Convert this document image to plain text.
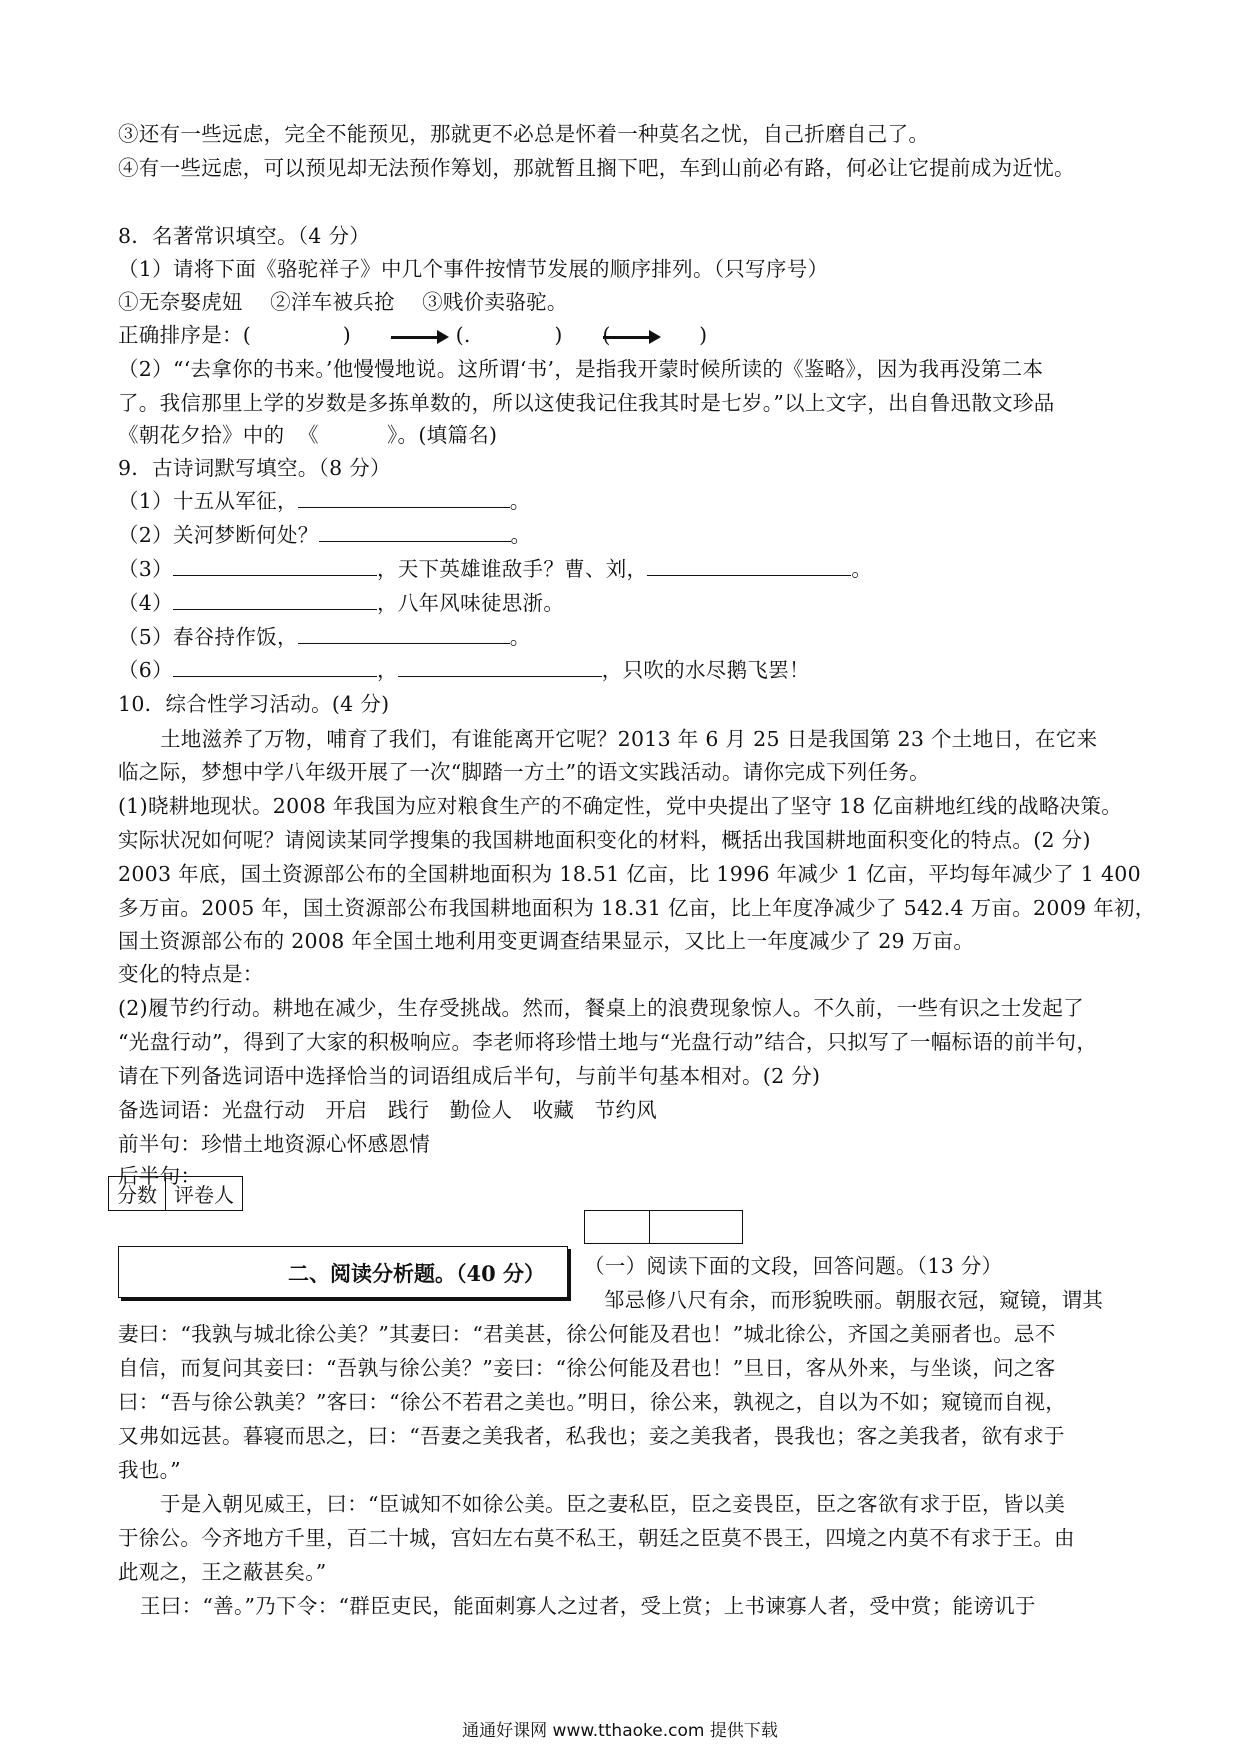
③还有一些远虑，完全不能预见，那就更不必总是怀着一种莫名之忧，自己折磨自己了。
④有一些远虑，可以预见却无法预作筹划，那就暂且搁下吧，车到山前必有路，何必让它提前成为近忧。
8．名著常识填空。（4 分）
（1）请将下面《骆驼祥子》中几个事件按情节发展的顺序排列。（只写序号）
①无奈娶虎妞    ②洋车被兵抢    ③贱价卖骆驼。
正确排序是：(	)	(.	) (	)
（2）“‘去拿你的书来。’他慢慢地说。这所谓‘书’，是指我开蒙时候所读的《鉴略》，因为我再没第二本
了。我信那里上学的岁数是多拣单数的，所以这使我记住我其时是七岁。”以上文字，出自鲁迅散文珍品
《朝花夕拾》中的  《          》。(填篇名)
9．古诗词默写填空。（8 分）
（1）十五从军征，	。
（2）关河梦断何处？	。
（3）	，天下英雄谁敌手？曹、刘，	。
（4）	，八年风味徒思浙。
（5）春谷持作饭，	。
（6）	，	，只吹的水尽鹅飞罢！
10．综合性学习活动。(4 分)
土地滋养了万物，哺育了我们，有谁能离开它呢？2013 年 6 月 25 日是我国第 23 个土地日，在它来
临之际，梦想中学八年级开展了一次“脚踏一方土”的语文实践活动。请你完成下列任务。
(1)晓耕地现状。2008 年我国为应对粮食生产的不确定性，党中央提出了坚守 18 亿亩耕地红线的战略决策。
实际状况如何呢？请阅读某同学搜集的我国耕地面积变化的材料，概括出我国耕地面积变化的特点。(2 分)
2003 年底，国土资源部公布的全国耕地面积为 18.51 亿亩，比 1996 年减少 1 亿亩，平均每年减少了 1 400
多万亩。2005 年，国土资源部公布我国耕地面积为 18.31 亿亩，比上年度净减少了 542.4 万亩。2009 年初，
国土资源部公布的 2008 年全国土地利用变更调查结果显示，又比上一年度减少了 29 万亩。
变化的特点是：
(2)履节约行动。耕地在减少，生存受挑战。然而，餐桌上的浪费现象惊人。不久前，一些有识之士发起了
“光盘行动”，得到了大家的积极响应。李老师将珍惜土地与“光盘行动”结合，只拟写了一幅标语的前半句，
请在下列备选词语中选择恰当的词语组成后半句，与前半句基本相对。(2 分)
备选词语：光盘行动   开启   践行   勤俭人   收藏   节约风
前半句：珍惜土地资源心怀感恩情
后半句：
分数	评卷人

二、阅读分析题。（40 分） （一）阅读下面的文段，回答问题。（13 分）
邹忌修八尺有余，而形貌昳丽。朝服衣冠，窥镜，谓其
妻曰：“我孰与城北徐公美？”其妻曰：“君美甚，徐公何能及君也！”城北徐公，齐国之美丽者也。忌不
自信，而复问其妾曰：“吾孰与徐公美？”妾曰：“徐公何能及君也！”旦日，客从外来，与坐谈，问之客
曰：“吾与徐公孰美？”客曰：“徐公不若君之美也。”明日，徐公来，孰视之，自以为不如；窥镜而自视，
又弗如远甚。暮寝而思之，曰：“吾妻之美我者，私我也；妾之美我者，畏我也；客之美我者，欲有求于
我也。”
于是入朝见威王，曰：“臣诚知不如徐公美。臣之妻私臣，臣之妾畏臣，臣之客欲有求于臣，皆以美
于徐公。今齐地方千里，百二十城，宫妇左右莫不私王，朝廷之臣莫不畏王，四境之内莫不有求于王。由
此观之，王之蔽甚矣。”
王曰：“善。”乃下令：“群臣吏民，能面刺寡人之过者，受上赏；上书谏寡人者，受中赏；能谤讥于
通通好课网 www.tthaoke.com 提供下载
